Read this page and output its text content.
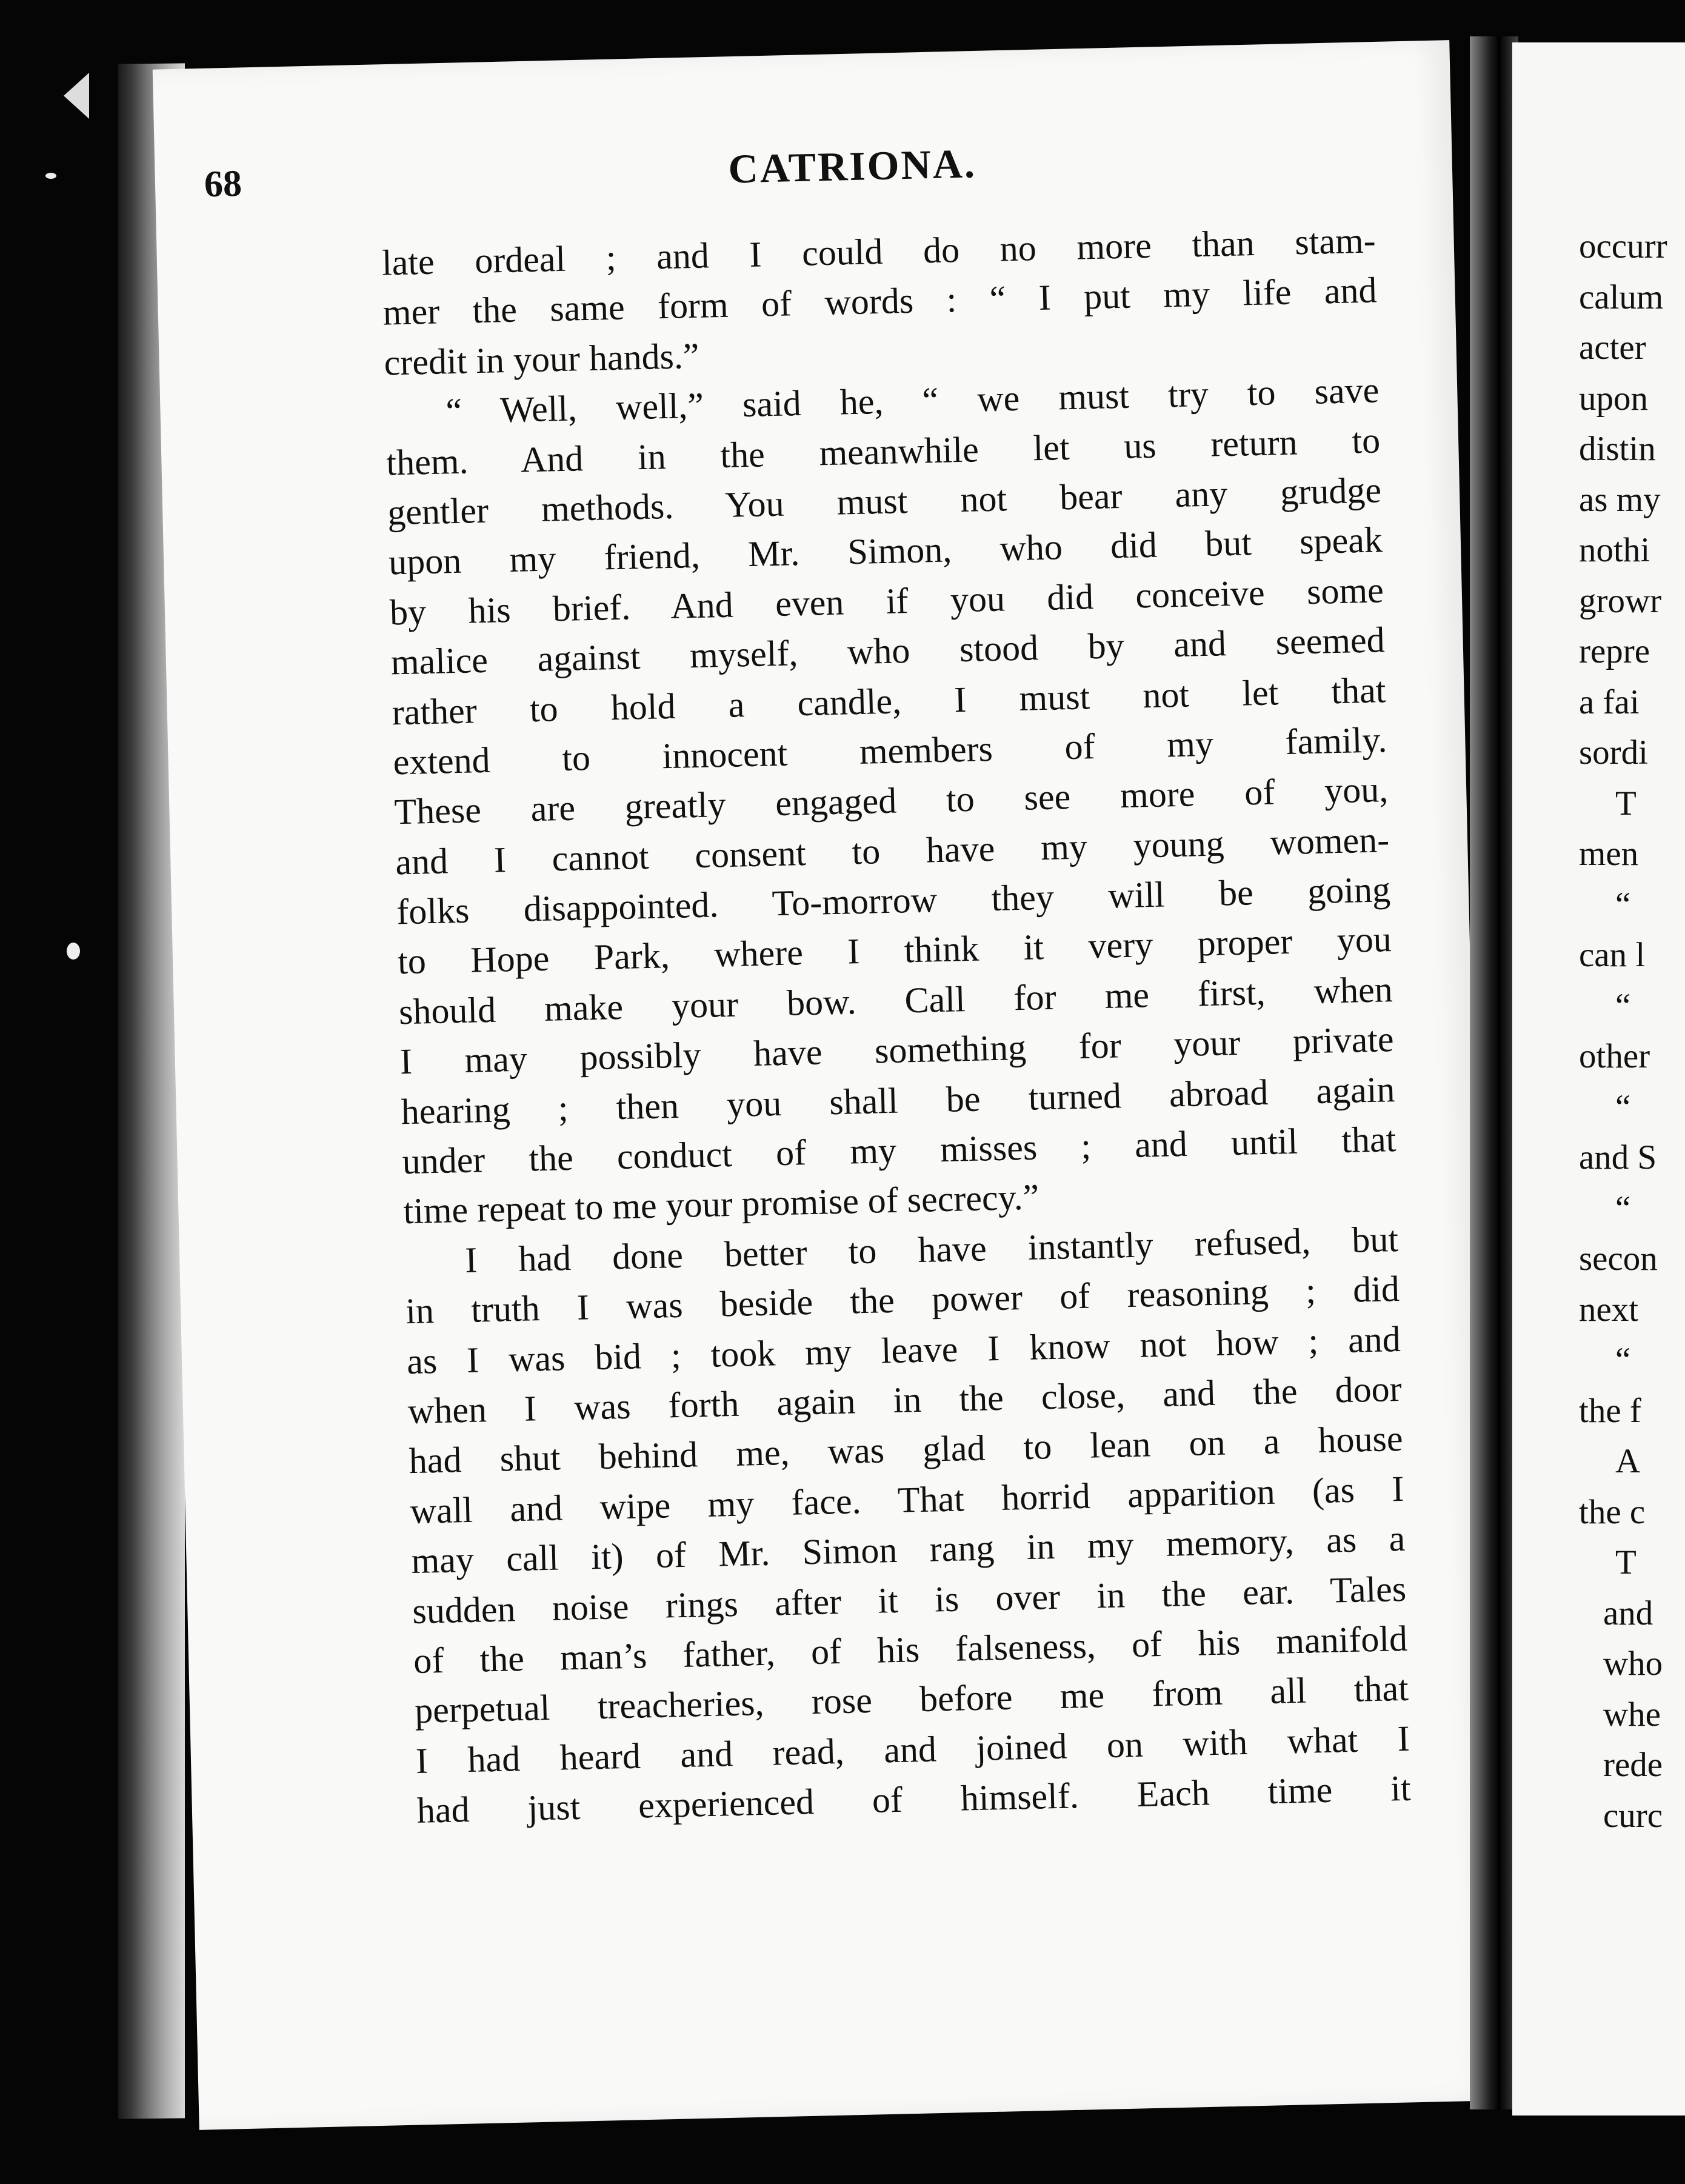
68	CATRIONA.
late ordeal ; and I could do no more than stam-
mer the same form of words : “ I put my life and
credit in your hands.”
“ Well, well,” said he, “ we must try to save
them. And in the meanwhile let us return to
gentler methods. You must not bear any grudge
upon my friend, Mr. Simon, who did but speak
by his brief. And even if you did conceive some
malice against myself, who stood by and seemed
rather to hold a candle, I must not let that
extend to innocent members of my family.
These are greatly engaged to see more of you,
and I cannot consent to have my young women-
folks disappointed. To-morrow they will be going
to Hope Park, where I think it very proper you
should make your bow. Call for me first, when
I may possibly have something for your private
hearing ; then you shall be turned abroad again
under the conduct of my misses ; and until that
time repeat to me your promise of secrecy.”
I had done better to have instantly refused, but
in truth I was beside the power of reasoning ; did
as I was bid ; took my leave I know not how ; and
when I was forth again in the close, and the door
had shut behind me, was glad to lean on a house
wall and wipe my face. That horrid apparition (as I
may call it) of Mr. Simon rang in my memory, as a
sudden noise rings after it is over in the ear. Tales
of the man’s father, of his falseness, of his manifold
perpetual treacheries, rose before me from all that
I had heard and read, and joined on with what I
had just experienced of himself. Each time it
occurr
calum
acter
upon
distin
as my
nothi
growr
repre
a fai
sordi
T
men
“
can l
“
other
“
and S
“
secon
next
“
the f
A
the c
T
and
who
whe
rede
curc
